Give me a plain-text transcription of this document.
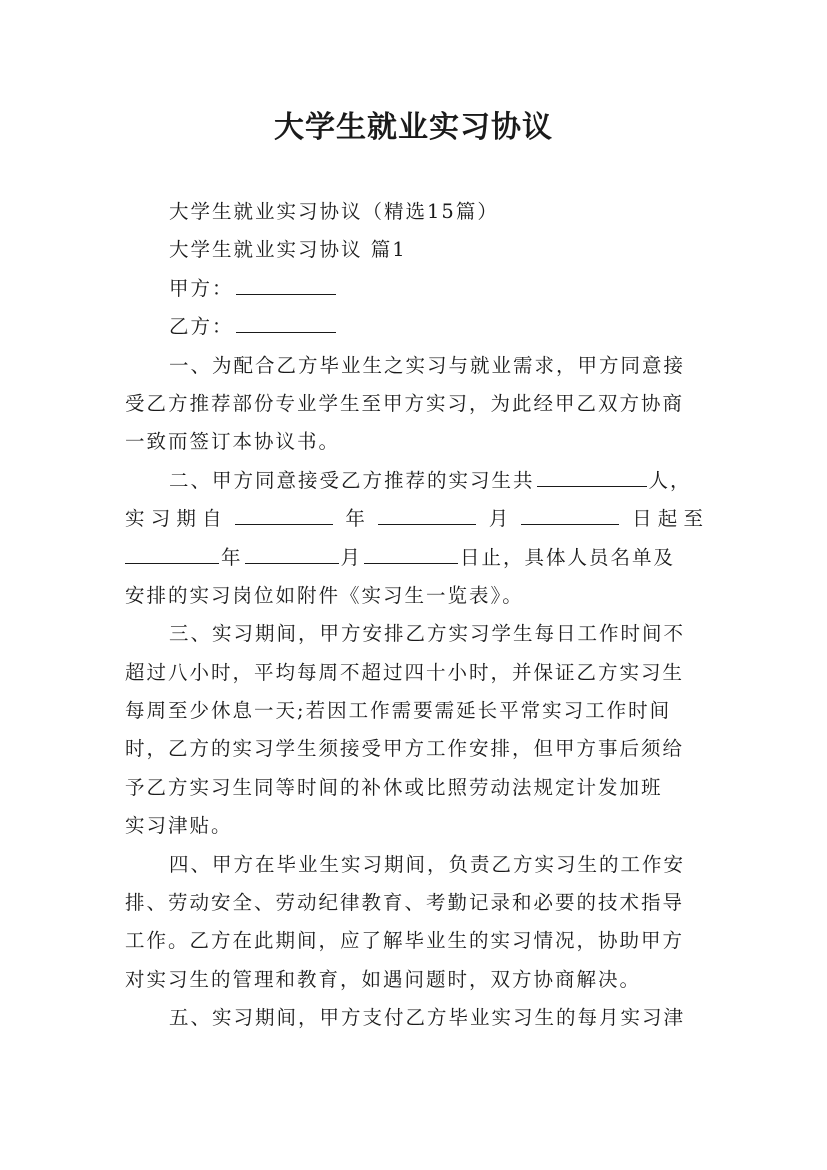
大学生就业实习协议
大学生就业实习协议（精选15篇）
大学生就业实习协议 篇1
甲方：
乙方：
一、为配合乙方毕业生之实习与就业需求，甲方同意接
受乙方推荐部份专业学生至甲方实习，为此经甲乙双方协商
一致而签订本协议书。
二、甲方同意接受乙方推荐的实习生共	人，
实 习 期 自	年	月	日 起 至
年	月	日止，具体人员名单及
安排的实习岗位如附件《实习生一览表》。
三、实习期间，甲方安排乙方实习学生每日工作时间不
超过八小时，平均每周不超过四十小时，并保证乙方实习生
每周至少休息一天;若因工作需要需延长平常实习工作时间
时，乙方的实习学生须接受甲方工作安排，但甲方事后须给
予乙方实习生同等时间的补休或比照劳动法规定计发加班
实习津贴。
四、甲方在毕业生实习期间，负责乙方实习生的工作安
排、劳动安全、劳动纪律教育、考勤记录和必要的技术指导
工作。乙方在此期间，应了解毕业生的实习情况，协助甲方
对实习生的管理和教育，如遇问题时，双方协商解决。
五、实习期间，甲方支付乙方毕业实习生的每月实习津
